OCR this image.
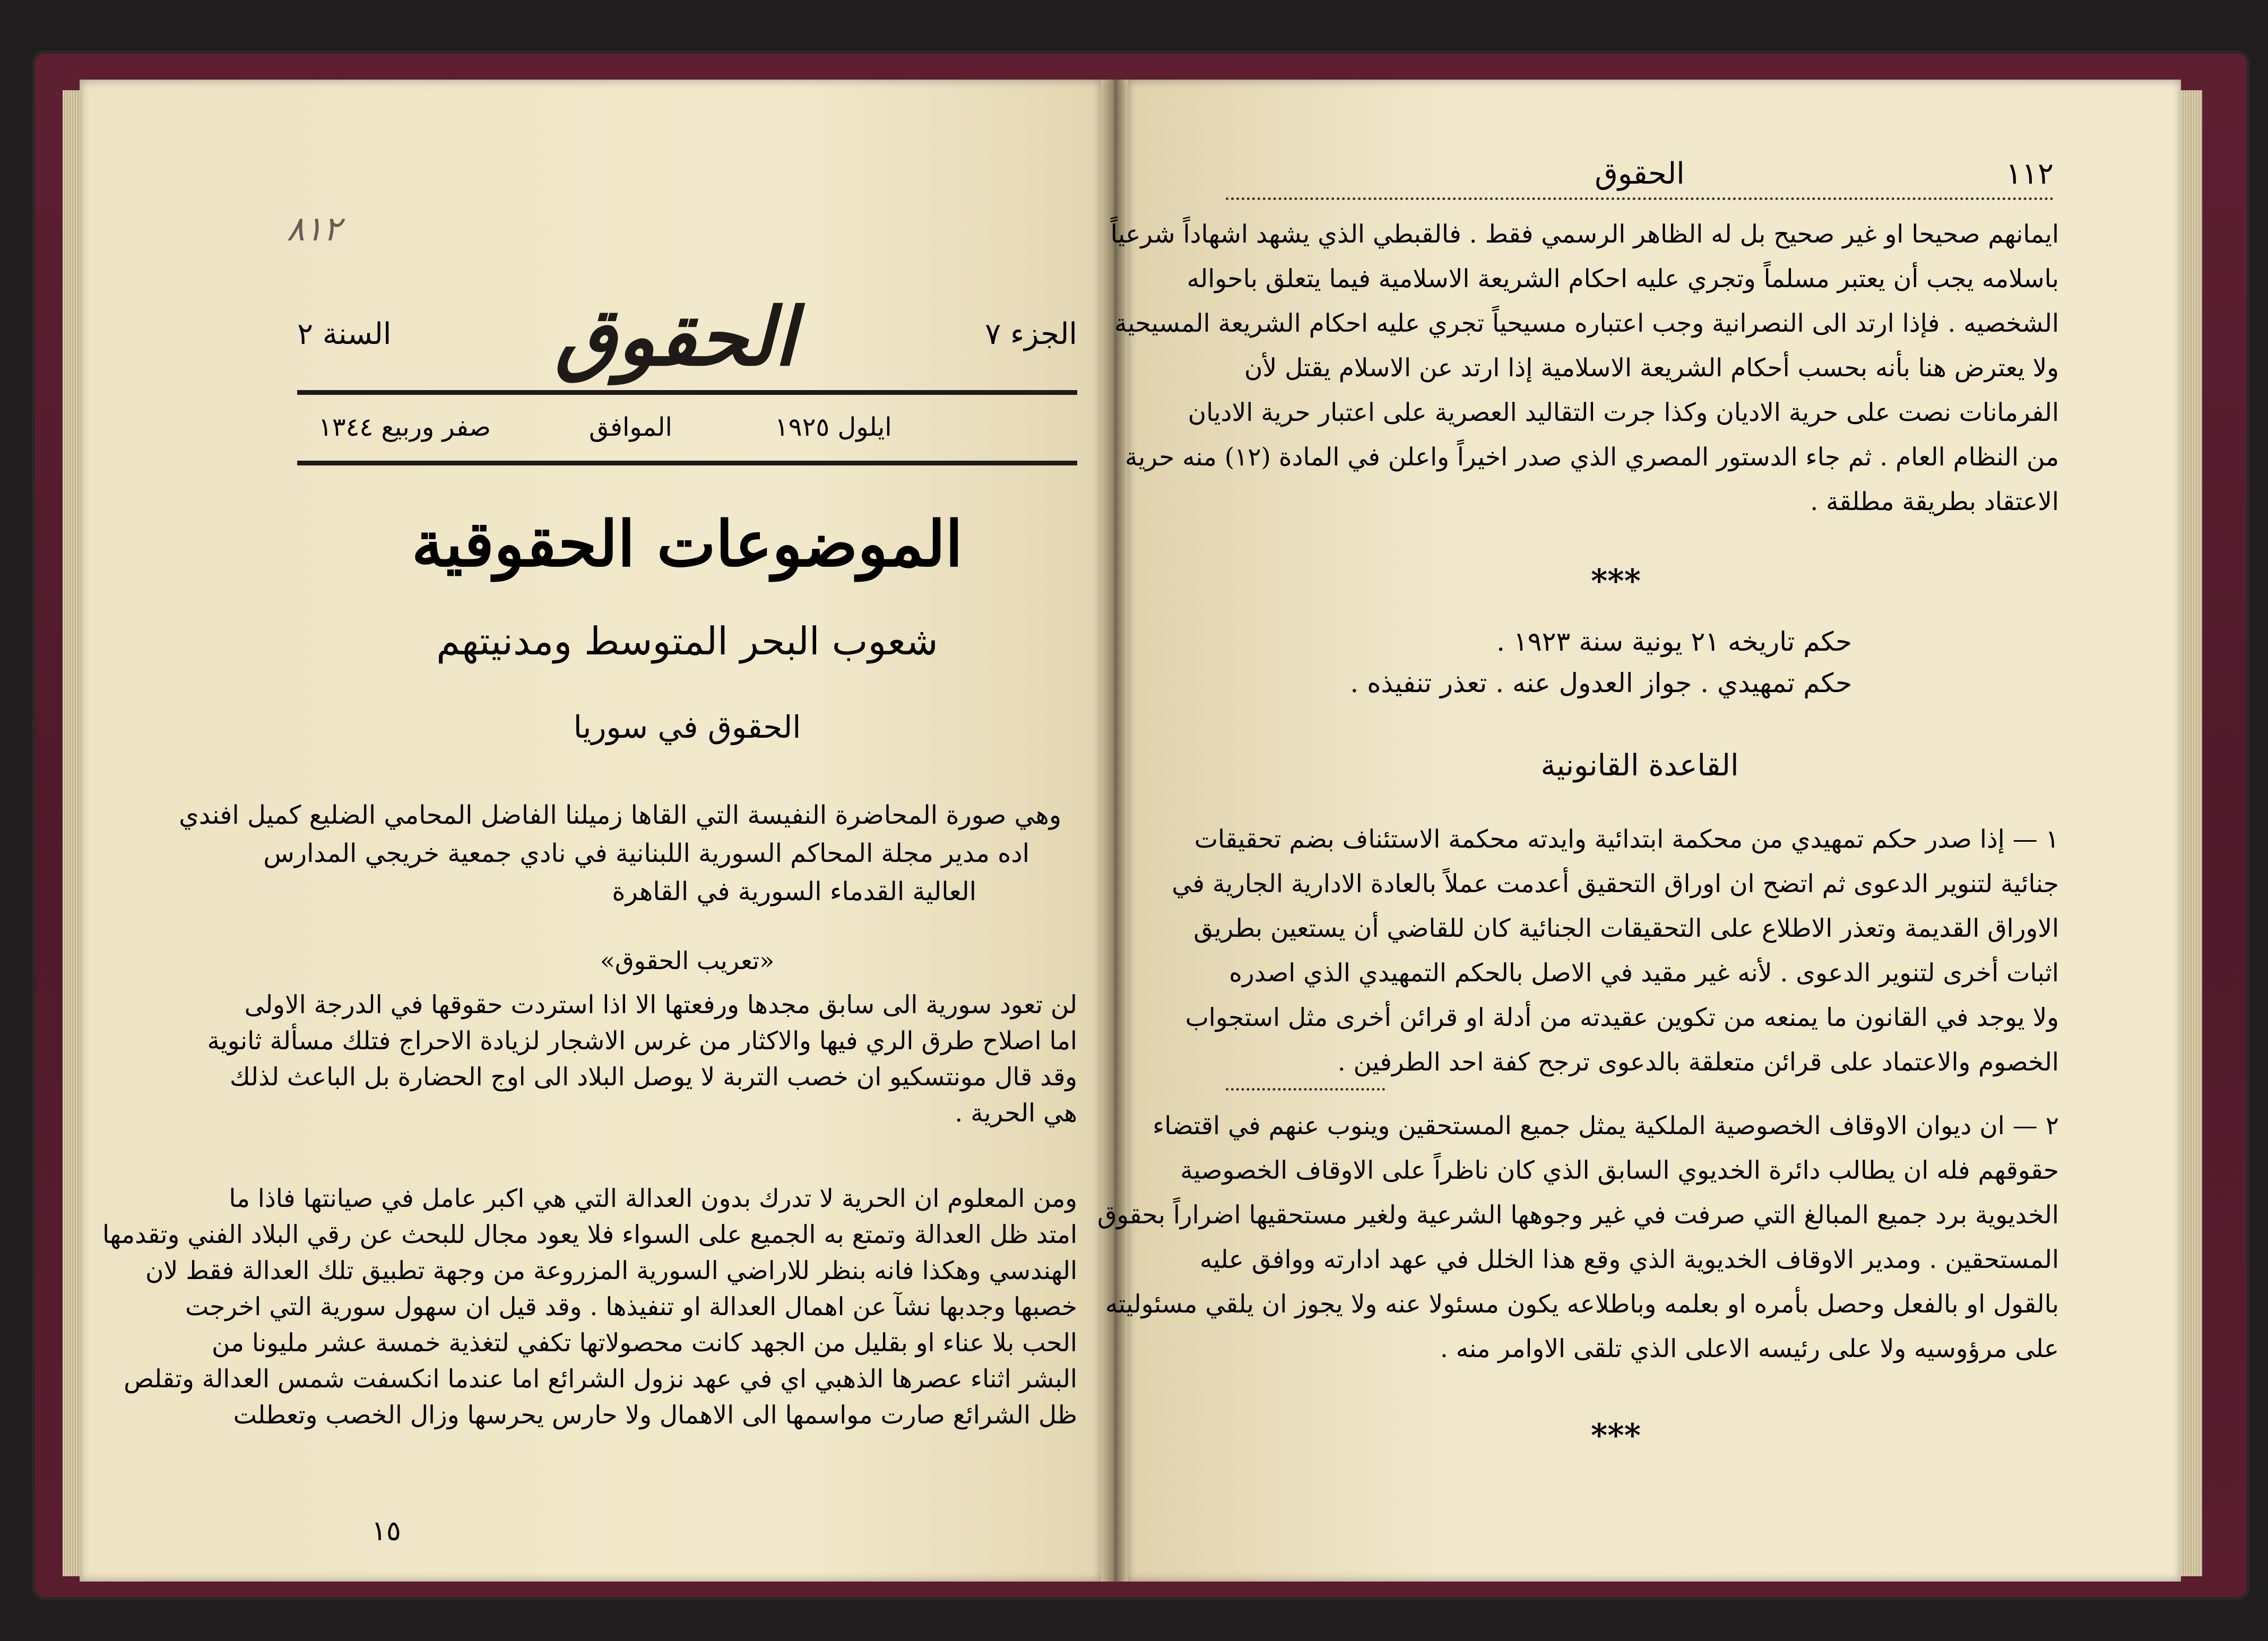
٨١٢
الجزء ٧
الحقوق
السنة ٢
ايلول ١٩٢٥
الموافق
صفر وربيع ١٣٤٤
الموضوعات الحقوقية
شعوب البحر المتوسط ومدنيتهم
الحقوق في سوريا
وهي صورة المحاضرة النفيسة التي القاها زميلنا الفاضل المحامي الضليع كميل افندي
اده مدير مجلة المحاكم السورية اللبنانية في نادي جمعية خريجي المدارس
العالية القدماء السورية في القاهرة
«تعريب الحقوق»
لن تعود سورية الى سابق مجدها ورفعتها الا اذا استردت حقوقها في الدرجة الاولى
اما اصلاح طرق الري فيها والاكثار من غرس الاشجار لزيادة الاحراج فتلك مسألة ثانوية
وقد قال مونتسكيو ان خصب التربة لا يوصل البلاد الى اوج الحضارة بل الباعث لذلك
هي الحرية .
ومن المعلوم ان الحرية لا تدرك بدون العدالة التي هي اكبر عامل في صيانتها فاذا ما
امتد ظل العدالة وتمتع به الجميع على السواء فلا يعود مجال للبحث عن رقي البلاد الفني وتقدمها
الهندسي وهكذا فانه بنظر للاراضي السورية المزروعة من وجهة تطبيق تلك العدالة فقط لان
خصبها وجدبها نشآ عن اهمال العدالة او تنفيذها . وقد قيل ان سهول سورية التي اخرجت
الحب بلا عناء او بقليل من الجهد كانت محصولاتها تكفي لتغذية خمسة عشر مليونا من
البشر اثناء عصرها الذهبي اي في عهد نزول الشرائع اما عندما انكسفت شمس العدالة وتقلص
ظل الشرائع صارت مواسمها الى الاهمال ولا حارس يحرسها وزال الخصب وتعطلت
١٥
الحقوق	١١٢
ايمانهم صحيحا او غير صحيح بل له الظاهر الرسمي فقط . فالقبطي الذي يشهد اشهاداً شرعياً
باسلامه يجب أن يعتبر مسلماً وتجري عليه احكام الشريعة الاسلامية فيما يتعلق باحواله
الشخصيه . فإذا ارتد الى النصرانية وجب اعتباره مسيحياً تجري عليه احكام الشريعة المسيحية
ولا يعترض هنا بأنه بحسب أحكام الشريعة الاسلامية إذا ارتد عن الاسلام يقتل لأن
الفرمانات نصت على حرية الاديان وكذا جرت التقاليد العصرية على اعتبار حرية الاديان
من النظام العام . ثم جاء الدستور المصري الذي صدر اخيراً واعلن في المادة (١٢) منه حرية
الاعتقاد بطريقة مطلقة .
***
حكم تاريخه ٢١ يونية سنة ١٩٢٣ .
حكم تمهيدي . جواز العدول عنه . تعذر تنفيذه .
القاعدة القانونية
١ — إذا صدر حكم تمهيدي من محكمة ابتدائية وايدته محكمة الاستئناف بضم تحقيقات
جنائية لتنوير الدعوى ثم اتضح ان اوراق التحقيق أعدمت عملاً بالعادة الادارية الجارية في
الاوراق القديمة وتعذر الاطلاع على التحقيقات الجنائية كان للقاضي أن يستعين بطريق
اثبات أخرى لتنوير الدعوى . لأنه غير مقيد في الاصل بالحكم التمهيدي الذي اصدره
ولا يوجد في القانون ما يمنعه من تكوين عقيدته من أدلة او قرائن أخرى مثل استجواب
الخصوم والاعتماد على قرائن متعلقة بالدعوى ترجح كفة احد الطرفين .
٢ — ان ديوان الاوقاف الخصوصية الملكية يمثل جميع المستحقين وينوب عنهم في اقتضاء
حقوقهم فله ان يطالب دائرة الخديوي السابق الذي كان ناظراً على الاوقاف الخصوصية
الخديوية برد جميع المبالغ التي صرفت في غير وجوهها الشرعية ولغير مستحقيها اضراراً بحقوق
المستحقين . ومدير الاوقاف الخديوية الذي وقع هذا الخلل في عهد ادارته ووافق عليه
بالقول او بالفعل وحصل بأمره او بعلمه وباطلاعه يكون مسئولا عنه ولا يجوز ان يلقي مسئوليته
على مرؤوسيه ولا على رئيسه الاعلى الذي تلقى الاوامر منه .
***
